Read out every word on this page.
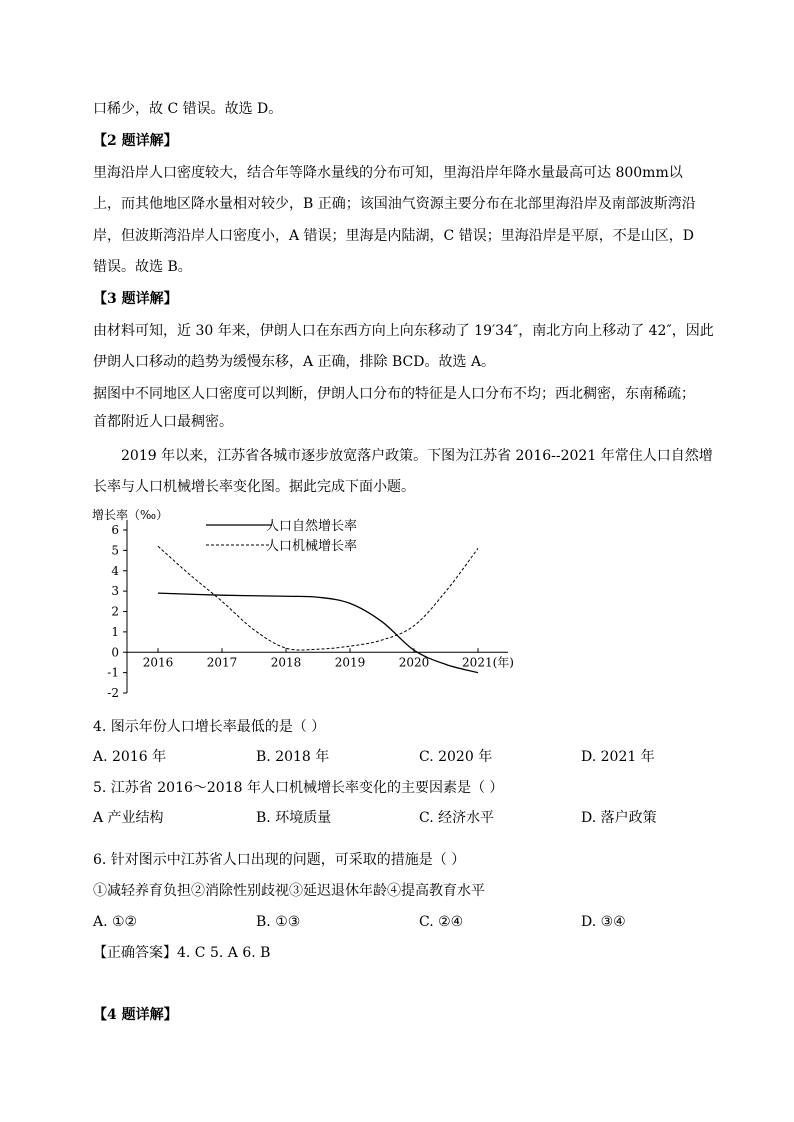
口稀少，故 C 错误。故选 D。
【2 题详解】
里海沿岸人口密度较大，结合年等降水量线的分布可知，里海沿岸年降水量最高可达 800mm以
上，而其他地区降水量相对较少，B 正确；该国油气资源主要分布在北部里海沿岸及南部波斯湾沿
岸，但波斯湾沿岸人口密度小，A 错误；里海是内陆湖，C 错误；里海沿岸是平原，不是山区，D
错误。故选 B。
【3 题详解】
由材料可知，近 30 年来，伊朗人口在东西方向上向东移动了 19′34″，南北方向上移动了 42″，因此
伊朗人口移动的趋势为缓慢东移，A 正确，排除 BCD。故选 A。
据图中不同地区人口密度可以判断，伊朗人口分布的特征是人口分布不均；西北稠密，东南稀疏；
首都附近人口最稠密。
2019 年以来，江苏省各城市逐步放宽落户政策。下图为江苏省 2016--2021 年常住人口自然增
长率与人口机械增长率变化图。据此完成下面小题。
增长率（‰）
6
5
4
3
2
1
0
-1
-2
2016	2017	2018	2019	2020	2021(年)
人口自然增长率
人口机械增长率
4. 图示年份人口增长率最低的是（ ）
A. 2016 年	B. 2018 年	C. 2020 年	D. 2021 年
5. 江苏省 2016～2018 年人口机械增长率变化的主要因素是（ ）
A 产业结构	B. 环境质量	C. 经济水平	D. 落户政策
6. 针对图示中江苏省人口出现的问题，可采取的措施是（ ）
①减轻养育负担②消除性别歧视③延迟退休年龄④提高教育水平
A. ①②	B. ①③	C. ②④	D. ③④
【正确答案】4. C 5. A 6. B
【4 题详解】
